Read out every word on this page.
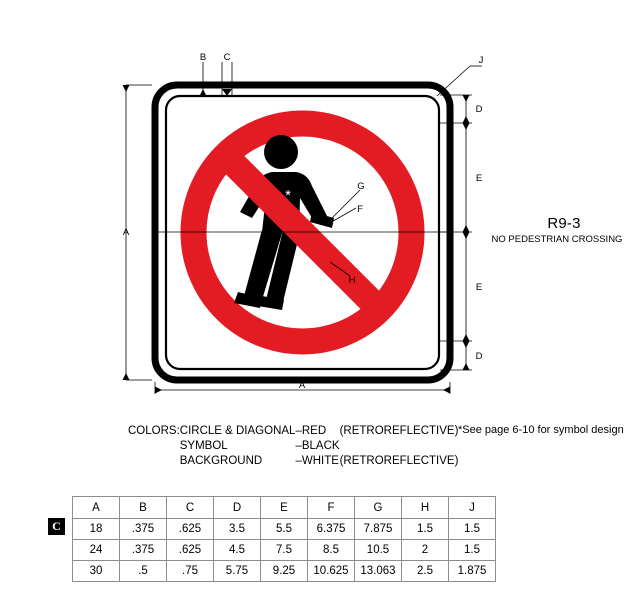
*
A
A
B C
D
E
E
D
G
F
H
J
R9-3
NO PEDESTRIAN CROSSING
COLORS:	CIRCLE & DIAGONAL	–	RED	(RETROREFLECTIVE)
	SYMBOL	–	BLACK	
	BACKGROUND	–	WHITE	(RETROREFLECTIVE)
*See page 6-10 for symbol design
C
A	B	C	D	E	F	G	H	J
18	.375	.625	3.5	5.5	6.375	7.875	1.5	1.5
24	.375	.625	4.5	7.5	8.5	10.5	2	1.5
30	.5	.75	5.75	9.25	10.625	13.063	2.5	1.875
